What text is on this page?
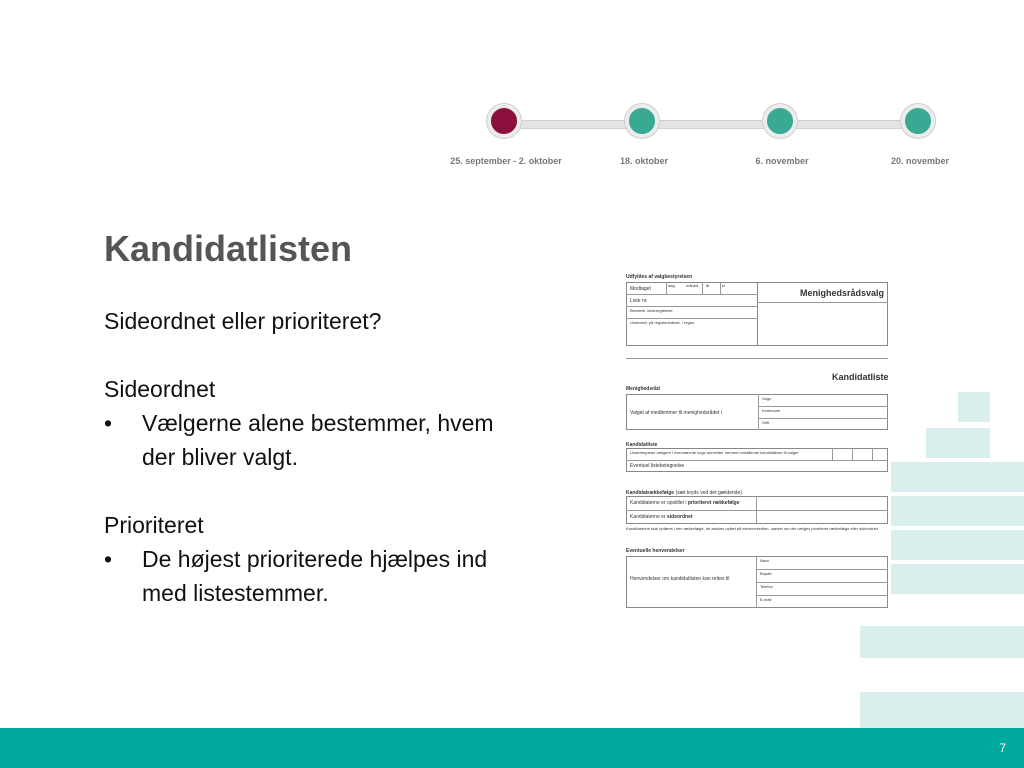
25. september - 2. oktober	18. oktober	6. november	20. november
Kandidatlisten

Sideordnet eller prioriteret?

Sideordnet

• Vælgerne alene bestemmer, hvem
der bliver valgt.

Prioriteret

• De højest prioriterede hjælpes ind
med listestemmer.
Udfyldes af valgbestyrelsen
Modtaget
dag	måned år	kl.
Liste nr.
Bemærk. kirkeregisteret
Underrett. på registerindtast. / regist.
Menighedsrådsvalg
Kandidatliste
Menighedsråd
Valget af medlemmer til menighedsrådet i
Sogn
Kommune
Stift
Kandidatliste
Undertegnede vælgere i ovennævnte sogn anmelder hermed omstående kandidatliste til valget
Eventuel listebetegnelse
Kandidatrækkefølge (sæt kryds ved det gældende)
Kandidaterne er opstillet i prioriteret rækkefølge
Kandidaterne er sideordnet
Kandidaterne skal opføres i den rækkefølge, de ønskes opført på stemmesedlen, uanset om der vælges prioriteret rækkefølge eller sideordnet
Eventuelle henvendelser
Henvendelser om kandidatlisten kan rettes til
Navn
Bopæl
Telefon
E-mail
7
